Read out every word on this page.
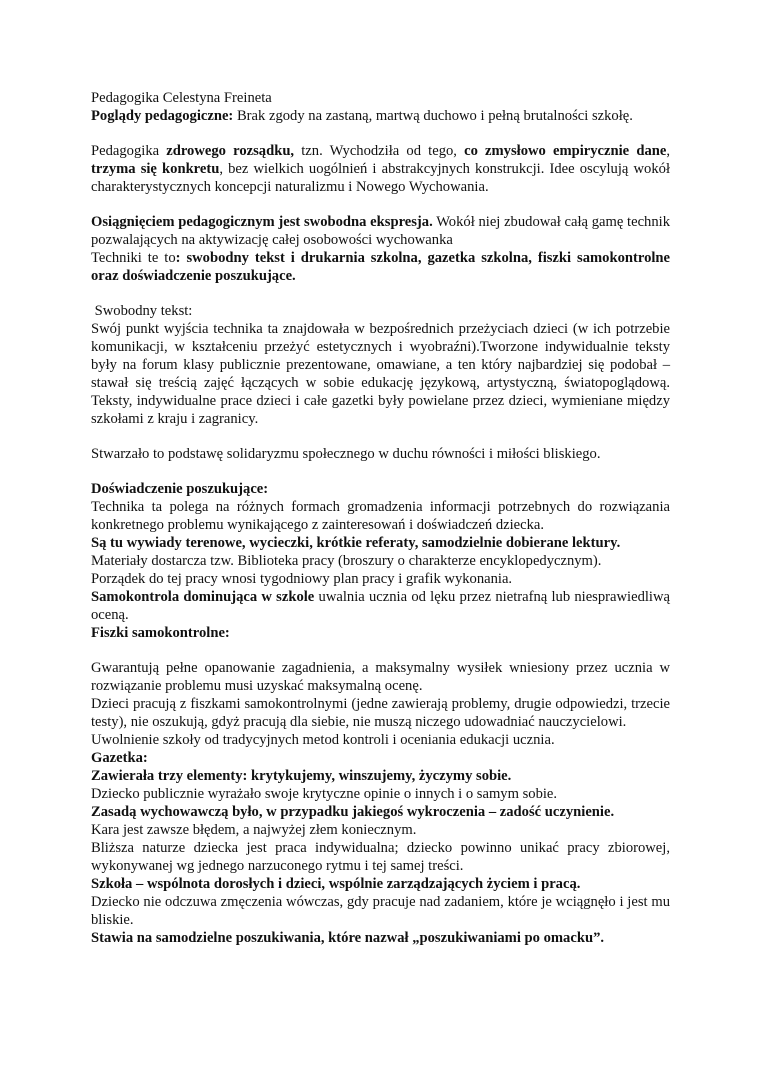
Pedagogika Celestyna Freineta

Poglądy pedagogiczne: Brak zgody na zastaną, martwą duchowo i pełną brutalności szkołę.

Pedagogika zdrowego rozsądku, tzn. Wychodziła od tego, co zmysłowo empirycznie dane, trzyma się konkretu, bez wielkich uogólnień i abstrakcyjnych konstrukcji. Idee oscylują wokół charakterystycznych koncepcji naturalizmu i Nowego Wychowania.

Osiągnięciem pedagogicznym jest swobodna ekspresja. Wokół niej zbudował całą gamę technik pozwalających na aktywizację całej osobowości wychowanka

Techniki te to: swobodny tekst i drukarnia szkolna, gazetka szkolna, fiszki samokontrolne oraz doświadczenie poszukujące.

Swobodny tekst:

Swój punkt wyjścia technika ta znajdowała w bezpośrednich przeżyciach dzieci (w ich potrzebie komunikacji, w kształceniu przeżyć estetycznych i wyobraźni).Tworzone indywidualnie teksty były na forum klasy publicznie prezentowane, omawiane, a ten który najbardziej się podobał – stawał się treścią zajęć łączących w sobie edukację językową, artystyczną, światopoglądową. Teksty, indywidualne prace dzieci i całe gazetki były powielane przez dzieci, wymieniane między szkołami z kraju i zagranicy.

Stwarzało to podstawę solidaryzmu społecznego w duchu równości i miłości bliskiego.

Doświadczenie poszukujące:

Technika ta polega na różnych formach gromadzenia informacji potrzebnych do rozwiązania konkretnego problemu wynikającego z zainteresowań i doświadczeń dziecka.

Są tu wywiady terenowe, wycieczki, krótkie referaty, samodzielnie dobierane lektury.

Materiały dostarcza tzw. Biblioteka pracy (broszury o charakterze encyklopedycznym).

Porządek do tej pracy wnosi tygodniowy plan pracy i grafik wykonania.

Samokontrola dominująca w szkole uwalnia ucznia od lęku przez nietrafną lub niesprawiedliwą oceną.

Fiszki samokontrolne:

Gwarantują pełne opanowanie zagadnienia, a maksymalny wysiłek wniesiony przez ucznia w rozwiązanie problemu musi uzyskać maksymalną ocenę.

Dzieci pracują z fiszkami samokontrolnymi (jedne zawierają problemy, drugie odpowiedzi, trzecie testy), nie oszukują, gdyż pracują dla siebie, nie muszą niczego udowadniać nauczycielowi.

Uwolnienie szkoły od tradycyjnych metod kontroli i oceniania edukacji ucznia.

Gazetka:

Zawierała trzy elementy: krytykujemy, winszujemy, życzymy sobie.

Dziecko publicznie wyrażało swoje krytyczne opinie o innych i o samym sobie.

Zasadą wychowawczą było, w przypadku jakiegoś wykroczenia – zadość uczynienie.

Kara jest zawsze błędem, a najwyżej złem koniecznym.

Bliższa naturze dziecka jest praca indywidualna; dziecko powinno unikać pracy zbiorowej, wykonywanej wg jednego narzuconego rytmu i tej samej treści.

Szkoła – wspólnota dorosłych i dzieci, wspólnie zarządzających życiem i pracą.

Dziecko nie odczuwa zmęczenia wówczas, gdy pracuje nad zadaniem, które je wciągnęło i jest mu bliskie.

Stawia na samodzielne poszukiwania, które nazwał „poszukiwaniami po omacku”.
